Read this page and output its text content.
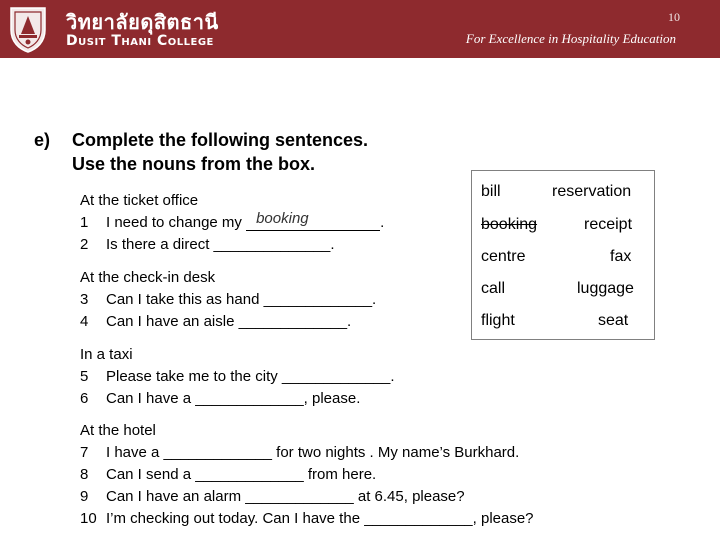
วิทยาลัยดุสิตธานี
Dusit Thani College
10
For Excellence in Hospitality Education
e) Complete the following sentences.
Use the nouns from the box.
At the ticket office
1 I need to change my booking	.
2 Is there a direct ______________.
At the check-in desk
3 Can I take this as hand _____________.
4 Can I have an aisle _____________.
In a taxi
5 Please take me to the city _____________.
6 Can I have a _____________, please.
At the hotel
7 I have a _____________ for two nights . My name’s Burkhard.
8 Can I send a _____________ from here.
9 Can I have an alarm _____________ at 6.45, please?
10 I’m checking out today. Can I have the _____________, please?
bill	reservation
booking	receipt
centre	fax
call	luggage
flight	seat
